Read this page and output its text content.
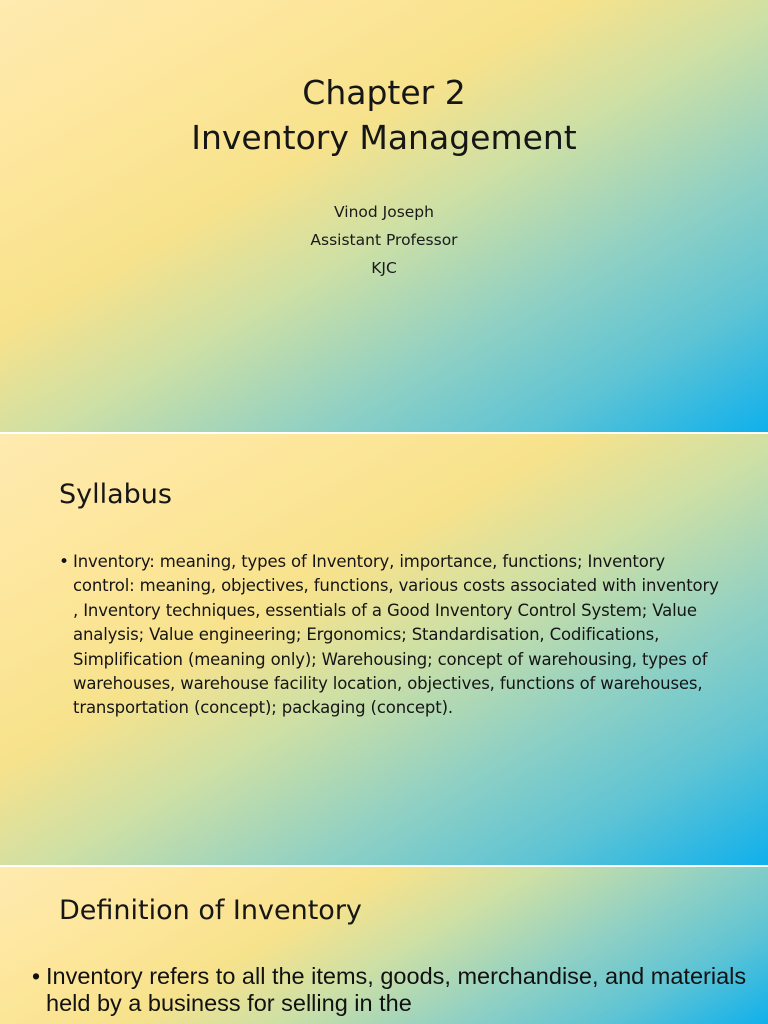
Chapter 2
Inventory Management

Vinod Joseph

Assistant Professor

KJC

Syllabus
• Inventory: meaning, types of Inventory, importance, functions; Inventory control: meaning, objectives, functions, various costs associated with inventory , Inventory techniques, essentials of a Good Inventory Control System; Value analysis; Value engineering; Ergonomics; Standardisation, Codifications, Simplification (meaning only); Warehousing; concept of warehousing, types of warehouses, warehouse facility location, objectives, functions of warehouses, transportation (concept); packaging (concept).
Definition of Inventory
• Inventory refers to all the items, goods, merchandise, and materials held by a business for selling in the
